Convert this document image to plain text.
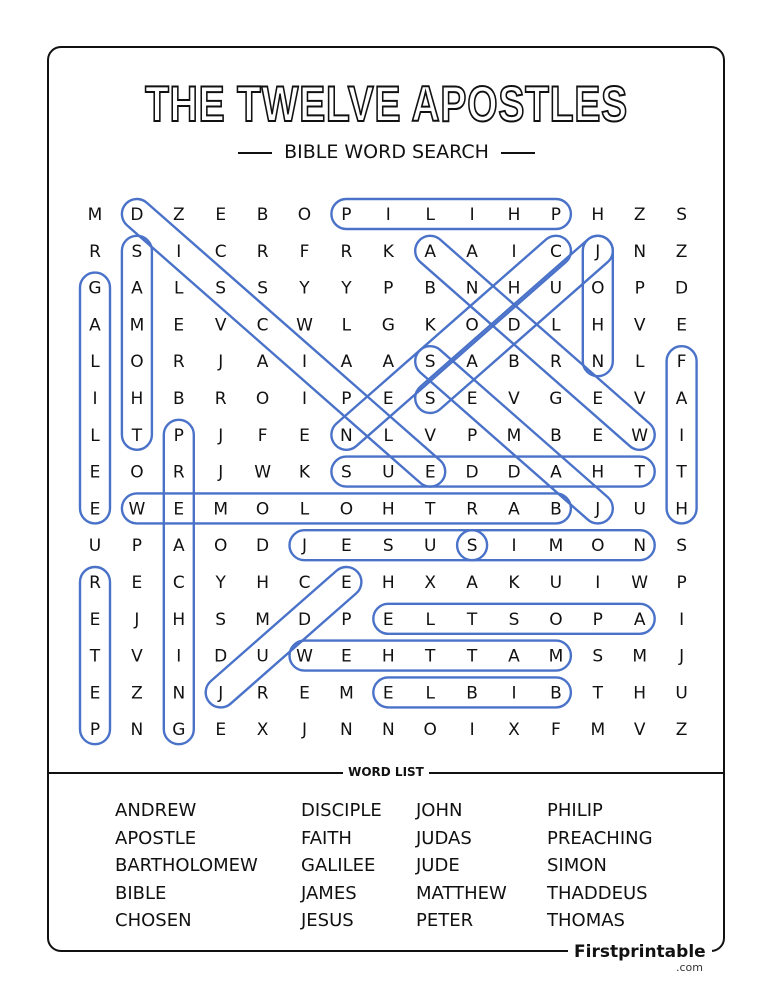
THE TWELVE APOSTLES
BIBLE WORD SEARCH
M D Z E B O P I L I H P H Z S
R S I C R F R K A A I C J N Z
G A L S S Y Y P B N H U O P D
A M E V C W L G K O D L H V E
L O R J A I A A S A B R N L F
I H B R O I P E S E V G E V A
L T P J F E N L V P M B E W I
E O R J W K S U E D D A H T T
E W E M O L O H T R A B J U H
U P A O D J E S U S I M O N S
R E C Y H C E H X A K U I W P
E J H S M D P E L T S O P A I
T V I D U W E H T T A M S M J
E Z N J R E M E L B I B T H U
P N G E X J N N O I X F M V Z
WORD LIST
ANDREW
APOSTLE
BARTHOLOMEW
BIBLE
CHOSEN
DISCIPLE
FAITH
GALILEE
JAMES
JESUS
JOHN
JUDAS
JUDE
MATTHEW
PETER
PHILIP
PREACHING
SIMON
THADDEUS
THOMAS
Firstprintable
.com
